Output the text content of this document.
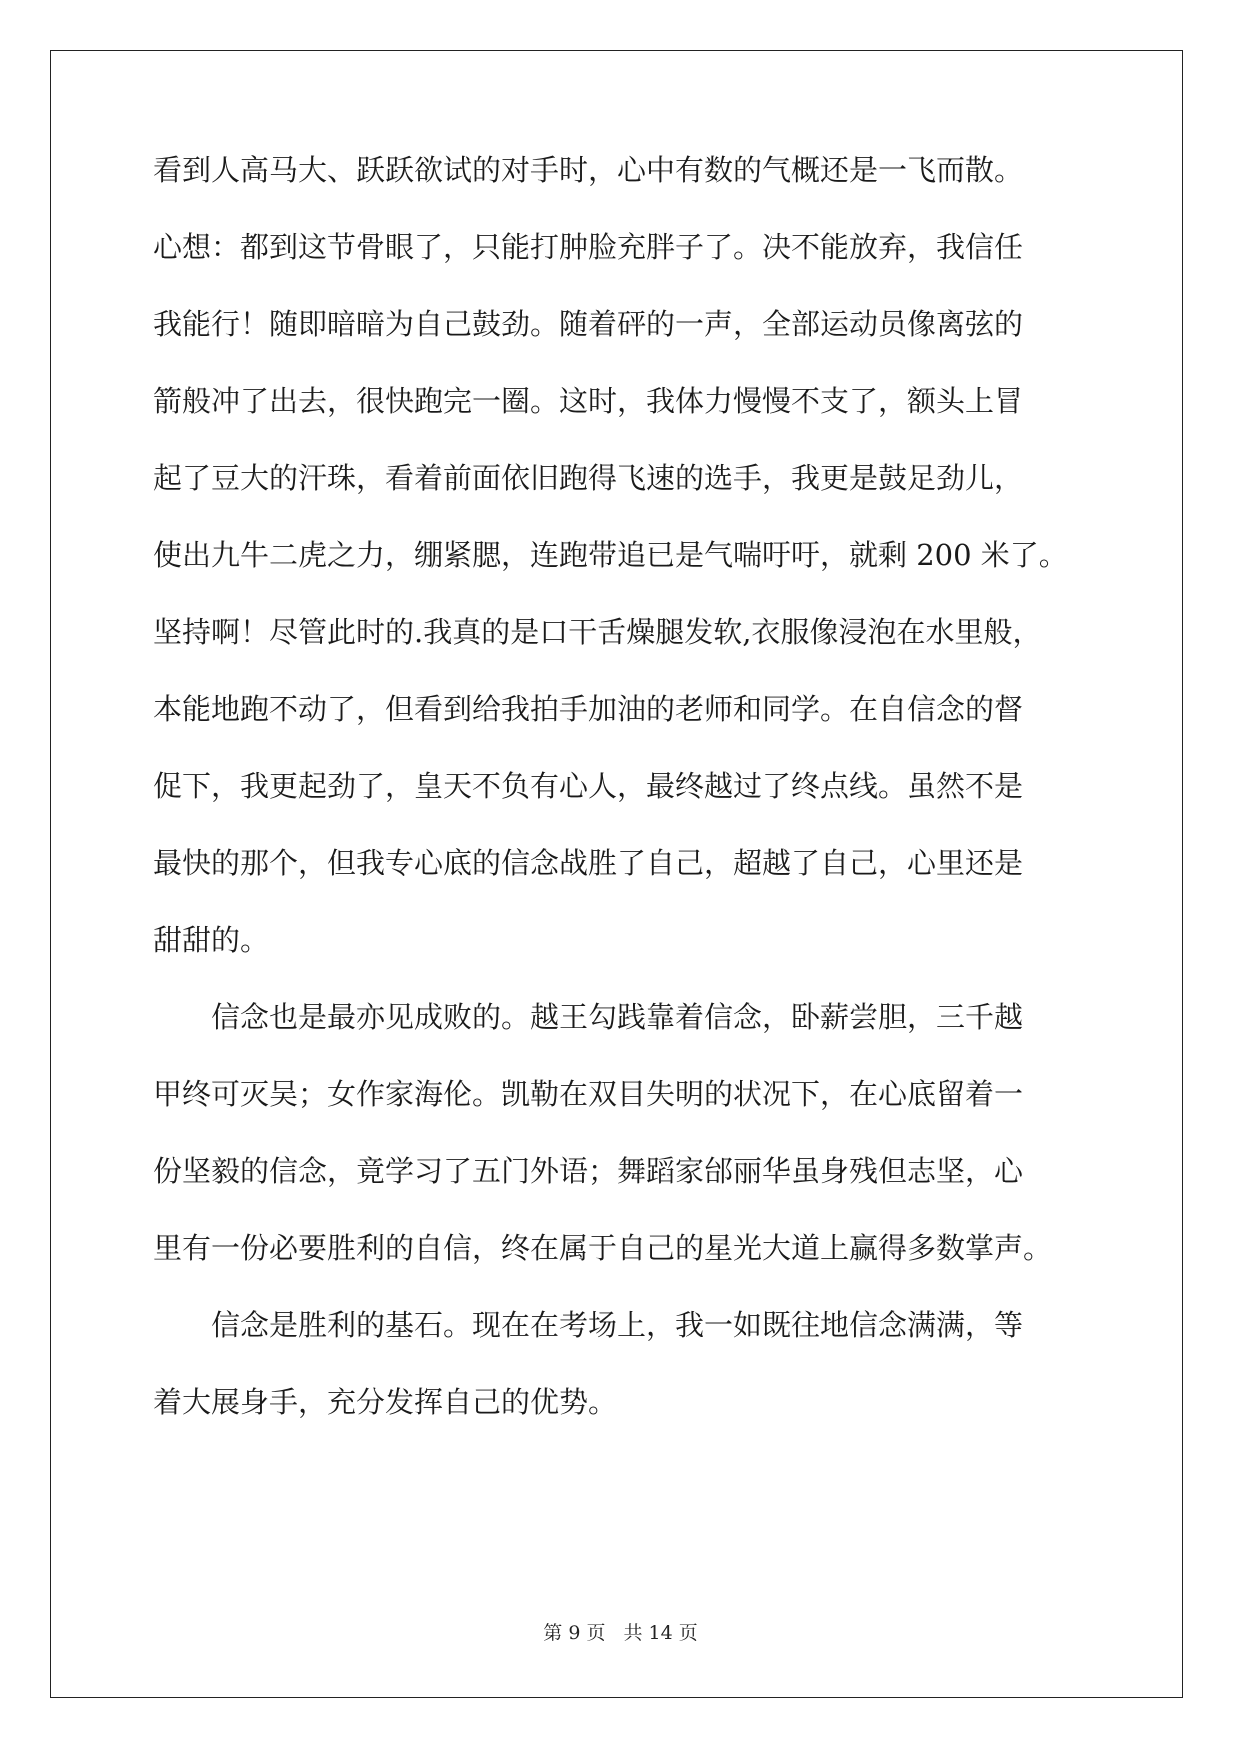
看到人高马大、跃跃欲试的对手时，心中有数的气概还是一飞而散。

心想：都到这节骨眼了，只能打肿脸充胖子了。决不能放弃，我信任

我能行！随即暗暗为自己鼓劲。随着砰的一声，全部运动员像离弦的

箭般冲了出去，很快跑完一圈。这时，我体力慢慢不支了，额头上冒

起了豆大的汗珠，看着前面依旧跑得飞速的选手，我更是鼓足劲儿，

使出九牛二虎之力，绷紧腮，连跑带追已是气喘吁吁，就剩 200 米了。

坚持啊！尽管此时的.我真的是口干舌燥腿发软,衣服像浸泡在水里般，

本能地跑不动了，但看到给我拍手加油的老师和同学。在自信念的督

促下，我更起劲了，皇天不负有心人，最终越过了终点线。虽然不是

最快的那个，但我专心底的信念战胜了自己，超越了自己，心里还是

甜甜的。

信念也是最亦见成败的。越王勾践靠着信念，卧薪尝胆，三千越

甲终可灭吴；女作家海伦。凯勒在双目失明的状况下，在心底留着一

份坚毅的信念，竟学习了五门外语；舞蹈家邰丽华虽身残但志坚，心

里有一份必要胜利的自信，终在属于自己的星光大道上赢得多数掌声。

信念是胜利的基石。现在在考场上，我一如既往地信念满满，等

着大展身手，充分发挥自己的优势。

第 9 页 共 14 页
